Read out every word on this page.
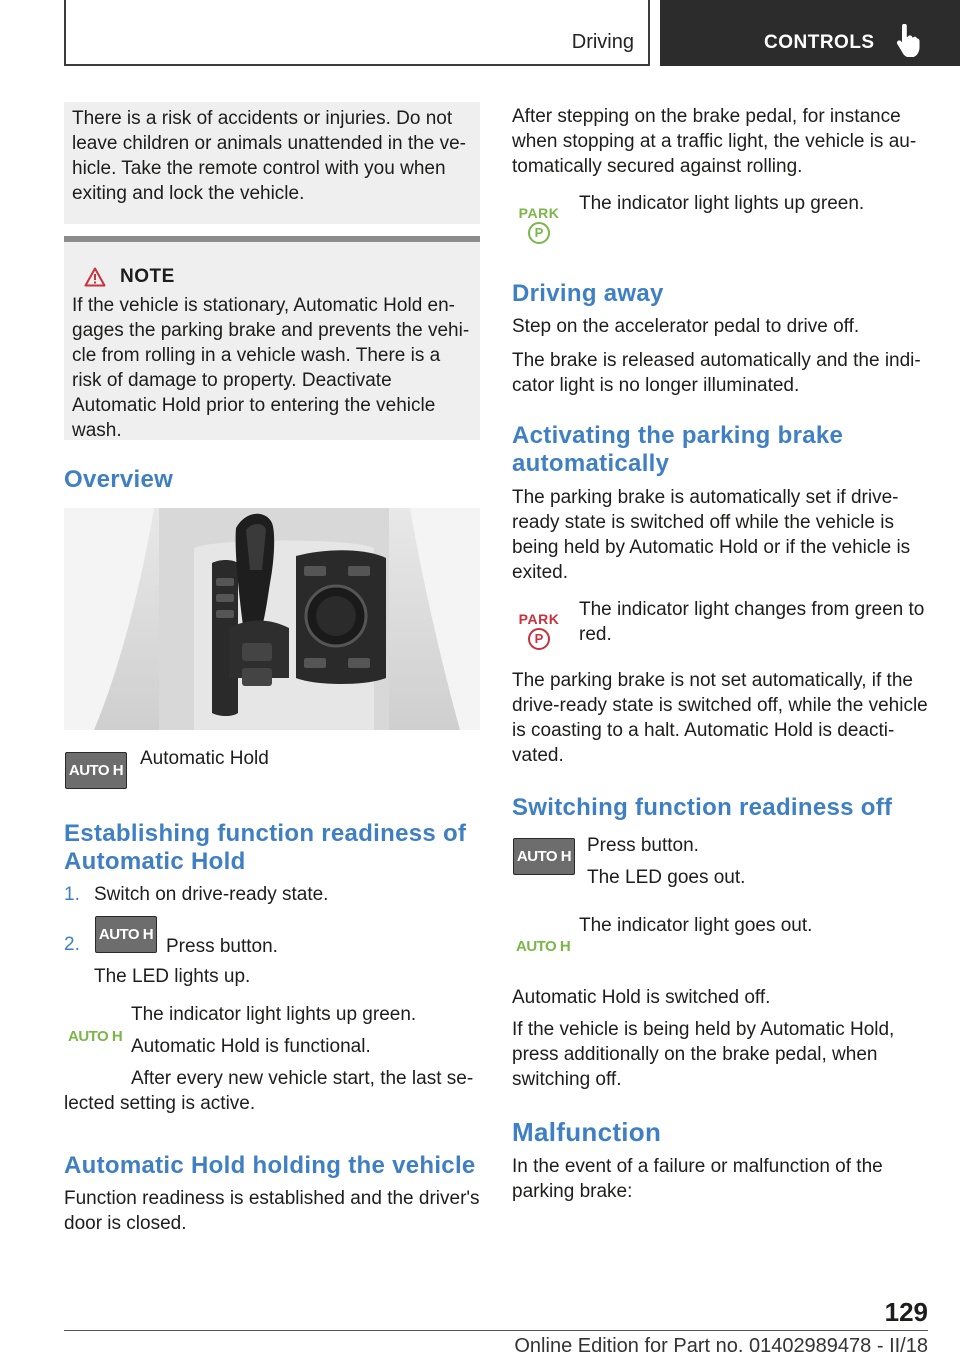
Driving	CONTROLS

There is a risk of accidents or injuries. Do not leave children or animals unattended in the vehicle. Take the remote control with you when exiting and lock the vehicle.

NOTE

If the vehicle is stationary, Automatic Hold engages the parking brake and prevents the vehicle from rolling in a vehicle wash. There is a risk of damage to property. Deactivate Automatic Hold prior to entering the vehicle wash.

Overview
AUTO H
Automatic Hold
Establishing function readiness of Automatic Hold
1. Switch on drive-ready state.
2. AUTO H
Press button.
The LED lights up.
AUTO H
The indicator light lights up green.
Automatic Hold is functional.

After every new vehicle start, the last selected setting is active.

Automatic Hold holding the vehicle

Function readiness is established and the driver's door is closed.

After stepping on the brake pedal, for instance when stopping at a traffic light, the vehicle is automatically secured against rolling.

PARK
P
The indicator light lights up green.
Driving away

Step on the accelerator pedal to drive off.

The brake is released automatically and the indicator light is no longer illuminated.

Activating the parking brake automatically

The parking brake is automatically set if drive-ready state is switched off while the vehicle is being held by Automatic Hold or if the vehicle is exited.

PARK
P

The indicator light changes from green to red.

The parking brake is not set automatically, if the drive-ready state is switched off, while the vehicle is coasting to a halt. Automatic Hold is deactivated.

Switching function readiness off
AUTO H
Press button.
The LED goes out.
AUTO H
The indicator light goes out.

Automatic Hold is switched off.

If the vehicle is being held by Automatic Hold, press additionally on the brake pedal, when switching off.

Malfunction

In the event of a failure or malfunction of the parking brake:

129
Online Edition for Part no. 01402989478 - II/18
